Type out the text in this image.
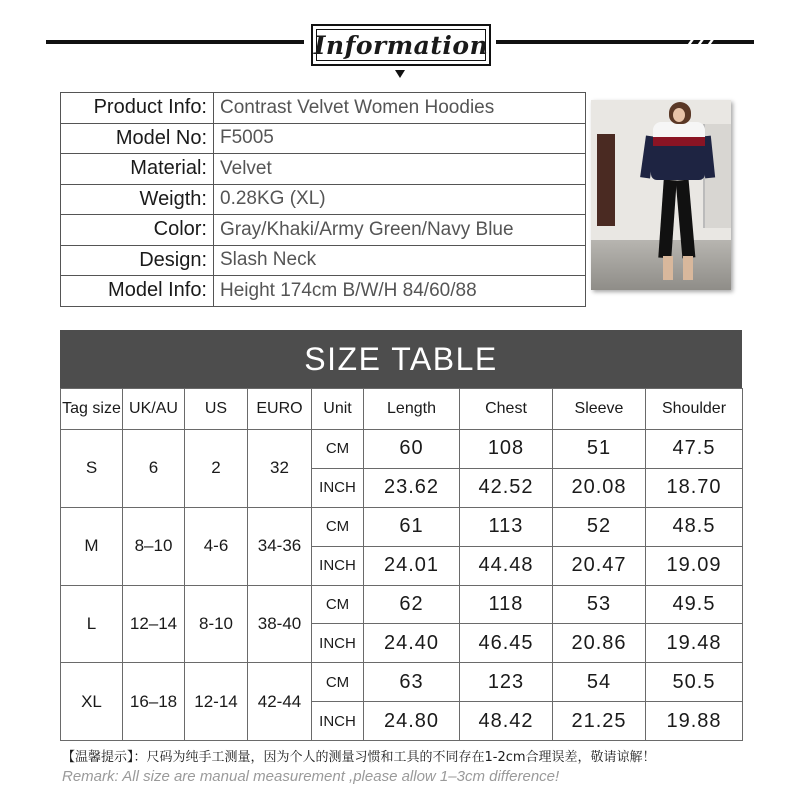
Information
Product Info:	Contrast Velvet Women Hoodies
Model No:	F5005
Material:	Velvet
Weigth:	0.28KG (XL)
Color:	Gray/Khaki/Army Green/Navy Blue
Design:	Slash Neck
Model Info:	Height 174cm B/W/H 84/60/88
SIZE TABLE
Tag size	UK/AU	US	EURO	Unit	Length	Chest	Sleeve	Shoulder
S	6	2	32	CM	60	108	51	47.5
				INCH	23.62	42.52	20.08	18.70
M	8–10	4-6	34-36	CM	61	113	52	48.5
				INCH	24.01	44.48	20.47	19.09
L	12–14	8-10	38-40	CM	62	118	53	49.5
				INCH	24.40	46.45	20.86	19.48
XL	16–18	12-14	42-44	CM	63	123	54	50.5
				INCH	24.80	48.42	21.25	19.88
【温馨提示】：尺码为纯手工测量，因为个人的测量习惯和工具的不同存在1-2cm合理误差，敬请谅解！
Remark: All size are manual measurement ,please allow 1–3cm difference!
